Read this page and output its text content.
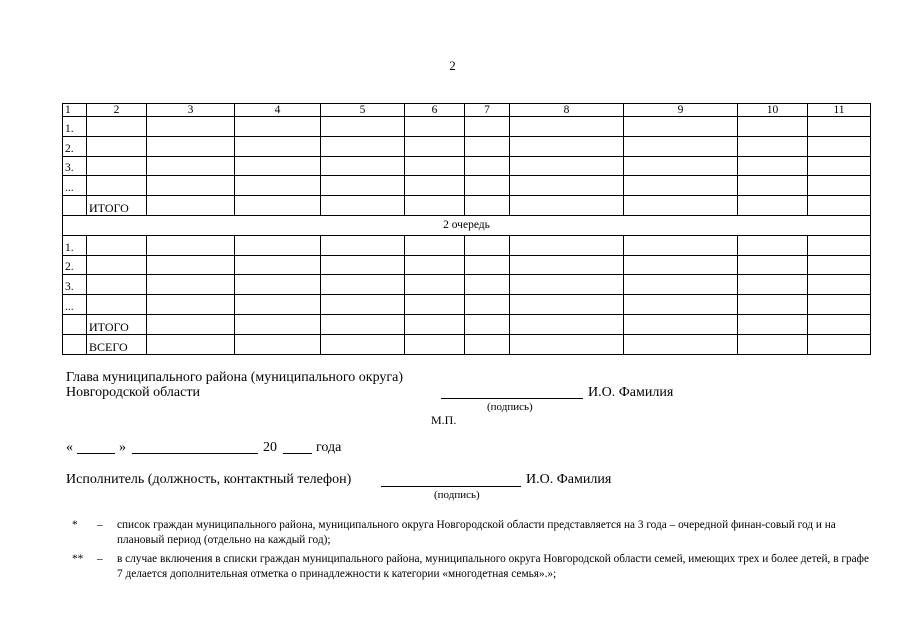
2
1	2	3	4	5	6	7	8	9	10	11
1.										
2.										
3.										
...										
	ИТОГО									
2 очередь										
1.										
2.										
3.										
...										
	ИТОГО									
	ВСЕГО									
Глава муниципального района (муниципального округа)
Новгородской области	И.О. Фамилия
(подпись)
М.П.
«	»	20	года
Исполнитель (должность, контактный телефон)	И.О. Фамилия
(подпись)
* – список граждан муниципального района, муниципального округа Новгородской области представляется на 3 года – очередной финан-совый год и на плановый период (отдельно на каждый год);
** – в случае включения в списки граждан муниципального района, муниципального округа Новгородской области семей, имеющих трех и более детей, в графе 7 делается дополнительная отметка о принадлежности к категории «многодетная семья».»;
